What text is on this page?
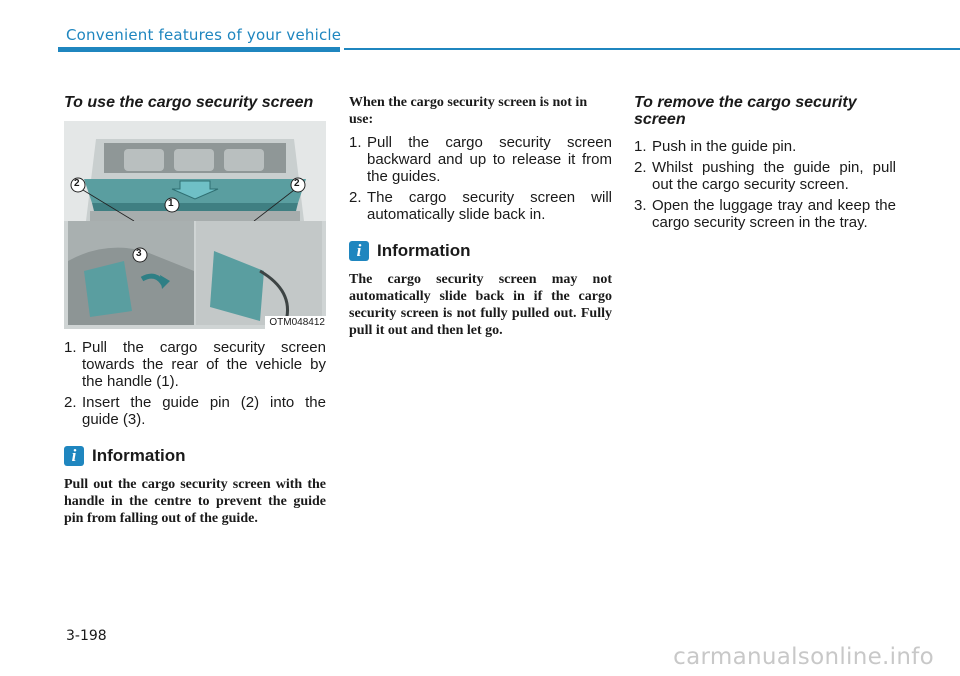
Convenient features of your vehicle
To use the cargo security screen
1
2	2
3
OTM048412
1. Pull the cargo security screen towards the rear of the vehicle by the handle (1).
2. Insert the guide pin (2) into the guide (3).
i Information

Pull out the cargo security screen with the handle in the centre to prevent the guide pin from falling out of the guide.

When the cargo security screen is not in use:
1. Pull the cargo security screen backward and up to release it from the guides.
2. The cargo security screen will automatically slide back in.
i Information

The cargo security screen may not automatically slide back in if the cargo security screen is not fully pulled out. Fully pull it out and then let go.

To remove the cargo security screen
1. Push in the guide pin.
2. Whilst pushing the guide pin, pull out the cargo security screen.
3. Open the luggage tray and keep the cargo security screen in the tray.
3-198
carmanualsonline.info
